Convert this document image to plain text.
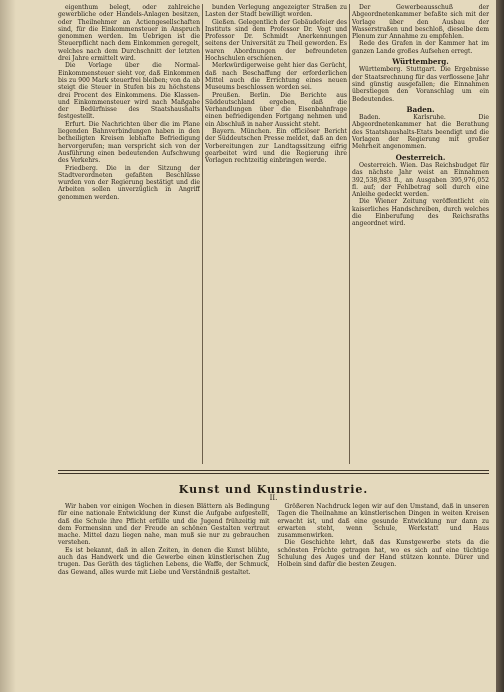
eigenthum belegt, oder zahlreiche gewerbliche oder Handels-Anlagen besitzen, oder Theilnehmer an Actiengesellschaften sind, für die Einkommensteuer in Anspruch genommen werden. Im Uebrigen ist die Steuerpflicht nach dem Einkommen geregelt, welches nach dem Durchschnitt der letzten drei Jahre ermittelt wird.

Die Vorlage über die Normal-Einkommensteuer sieht vor, daß Einkommen bis zu 900 Mark steuerfrei bleiben; von da ab steigt die Steuer in Stufen bis zu höchstens drei Procent des Einkommens. Die Klassen- und Einkommensteuer wird nach Maßgabe der Bedürfnisse des Staatshaushalts festgestellt.

Erfurt. Die Nachrichten über die im Plane liegenden Bahnverbindungen haben in den betheiligten Kreisen lebhafte Befriedigung hervorgerufen; man verspricht sich von der Ausführung einen bedeutenden Aufschwung des Verkehrs.

Friedberg. Die in der Sitzung der Stadtverordneten gefaßten Beschlüsse wurden von der Regierung bestätigt und die Arbeiten sollen unverzüglich in Angriff genommen werden.

bunden Verlegung angezeigter Straßen zu Lasten der Stadt bewilligt worden.

Gießen. Gelegentlich der Gebäudefeier des Instituts sind dem Professor Dr. Vogt und Professor Dr. Schmidt Anerkennungen seitens der Universität zu Theil geworden. Es waren Abordnungen der befreundeten Hochschulen erschienen.

Merkwürdigerweise geht hier das Gerücht, daß nach Beschaffung der erforderlichen Mittel auch die Errichtung eines neuen Museums beschlossen worden sei.

Preußen. Berlin. Die Berichte aus Süddeutschland ergeben, daß die Verhandlungen über die Eisenbahnfrage einen befriedigenden Fortgang nehmen und ein Abschluß in naher Aussicht steht.

Bayern. München. Ein officiöser Bericht der Süddeutschen Presse meldet, daß an den Vorbereitungen zur Landtagssitzung eifrig gearbeitet wird und die Regierung ihre Vorlagen rechtzeitig einbringen werde.

Der Gewerbeausschuß der Abgeordnetenkammer befaßte sich mit der Vorlage über den Ausbau der Wasserstraßen und beschloß, dieselbe dem Plenum zur Annahme zu empfehlen.

Rede des Grafen in der Kammer hat im ganzen Lande großes Aufsehen erregt.

Württemberg.

Württemberg. Stuttgart. Die Ergebnisse der Staatsrechnung für das verflossene Jahr sind günstig ausgefallen; die Einnahmen überstiegen den Voranschlag um ein Bedeutendes.

Baden.

Baden. Karlsruhe. Die Abgeordnetenkammer hat die Berathung des Staatshaushalts-Etats beendigt und die Vorlagen der Regierung mit großer Mehrheit angenommen.

Oesterreich.

Oesterreich. Wien. Das Reichsbudget für das nächste Jahr weist an Einnahmen 392,538,983 fl., an Ausgaben 395,976,052 fl. auf; der Fehlbetrag soll durch eine Anleihe gedeckt werden.

Die Wiener Zeitung veröffentlicht ein kaiserliches Handschreiben, durch welches die Einberufung des Reichsraths angeordnet wird.

Kunst und Kunstindustrie.
II.

Wir haben vor einigen Wochen in diesen Blättern als Bedingung für eine nationale Entwicklung der Kunst die Aufgabe aufgestellt, daß die Schule ihre Pflicht erfülle und die Jugend frühzeitig mit dem Formensinn und der Freude an schönen Gestalten vertraut mache. Mittel dazu liegen nahe, man muß sie nur zu gebrauchen verstehen.

Es ist bekannt, daß in allen Zeiten, in denen die Kunst blühte, auch das Handwerk und die Gewerbe einen künstlerischen Zug trugen. Das Geräth des täglichen Lebens, die Waffe, der Schmuck, das Gewand, alles wurde mit Liebe und Verständniß gestaltet.

Größeren Nachdruck legen wir auf den Umstand, daß in unseren Tagen die Theilnahme an künstlerischen Dingen in weiten Kreisen erwacht ist, und daß eine gesunde Entwicklung nur dann zu erwarten steht, wenn Schule, Werkstatt und Haus zusammenwirken.

Die Geschichte lehrt, daß das Kunstgewerbe stets da die schönsten Früchte getragen hat, wo es sich auf eine tüchtige Schulung des Auges und der Hand stützen konnte. Dürer und Holbein sind dafür die besten Zeugen.
